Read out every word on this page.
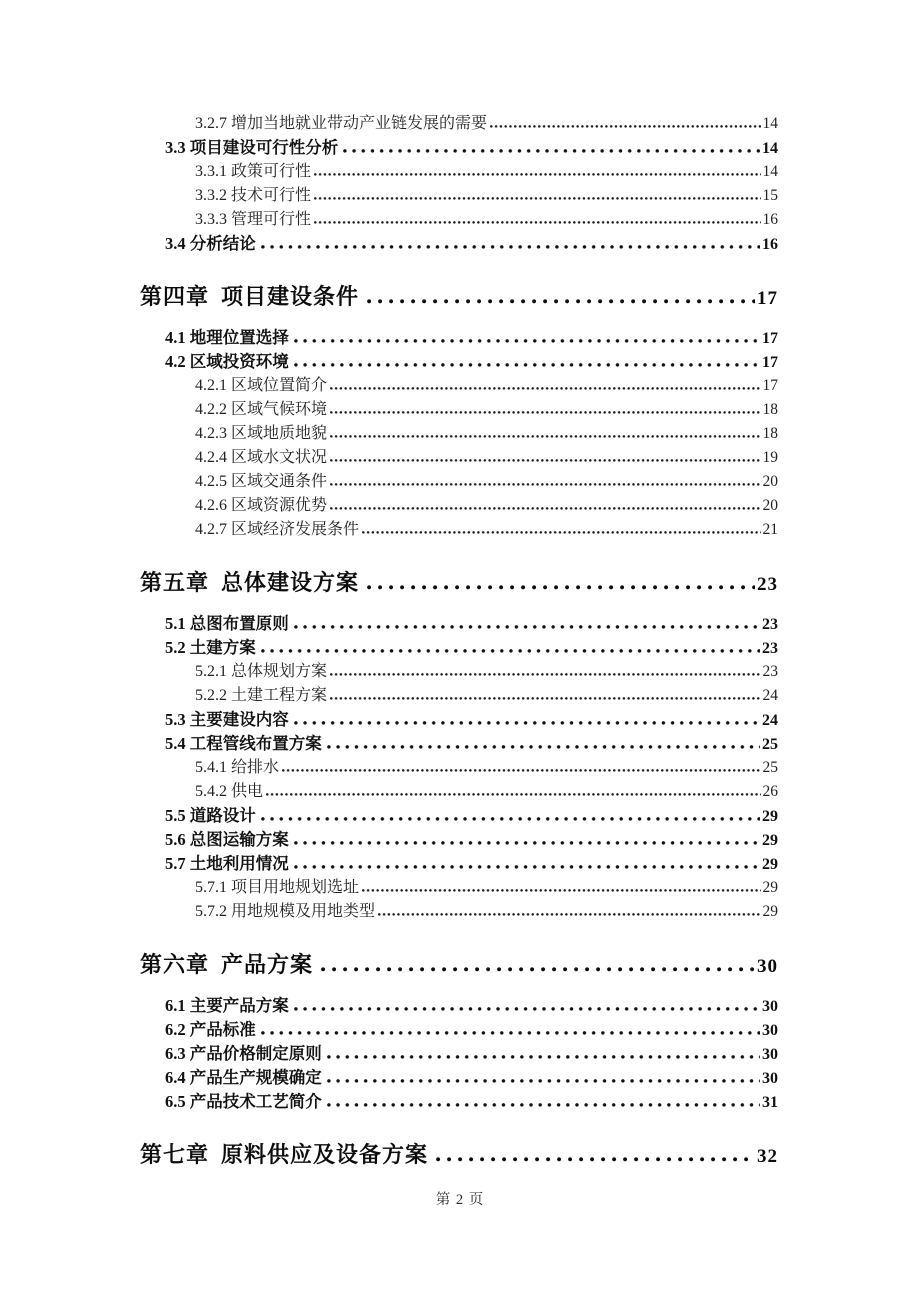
3.2.7 增加当地就业带动产业链发展的需要	14
3.3 项目建设可行性分析	14
3.3.1 政策可行性	14
3.3.2 技术可行性	15
3.3.3 管理可行性	16
3.4 分析结论	16
第四章 项目建设条件	17
4.1 地理位置选择	17
4.2 区域投资环境	17
4.2.1 区域位置简介	17
4.2.2 区域气候环境	18
4.2.3 区域地质地貌	18
4.2.4 区域水文状况	19
4.2.5 区域交通条件	20
4.2.6 区域资源优势	20
4.2.7 区域经济发展条件	21
第五章 总体建设方案	23
5.1 总图布置原则	23
5.2 土建方案	23
5.2.1 总体规划方案	23
5.2.2 土建工程方案	24
5.3 主要建设内容	24
5.4 工程管线布置方案	25
5.4.1 给排水	25
5.4.2 供电	26
5.5 道路设计	29
5.6 总图运输方案	29
5.7 土地利用情况	29
5.7.1 项目用地规划选址	29
5.7.2 用地规模及用地类型	29
第六章 产品方案	30
6.1 主要产品方案	30
6.2 产品标准	30
6.3 产品价格制定原则	30
6.4 产品生产规模确定	30
6.5 产品技术工艺简介	31
第七章 原料供应及设备方案	32
第 2 页
